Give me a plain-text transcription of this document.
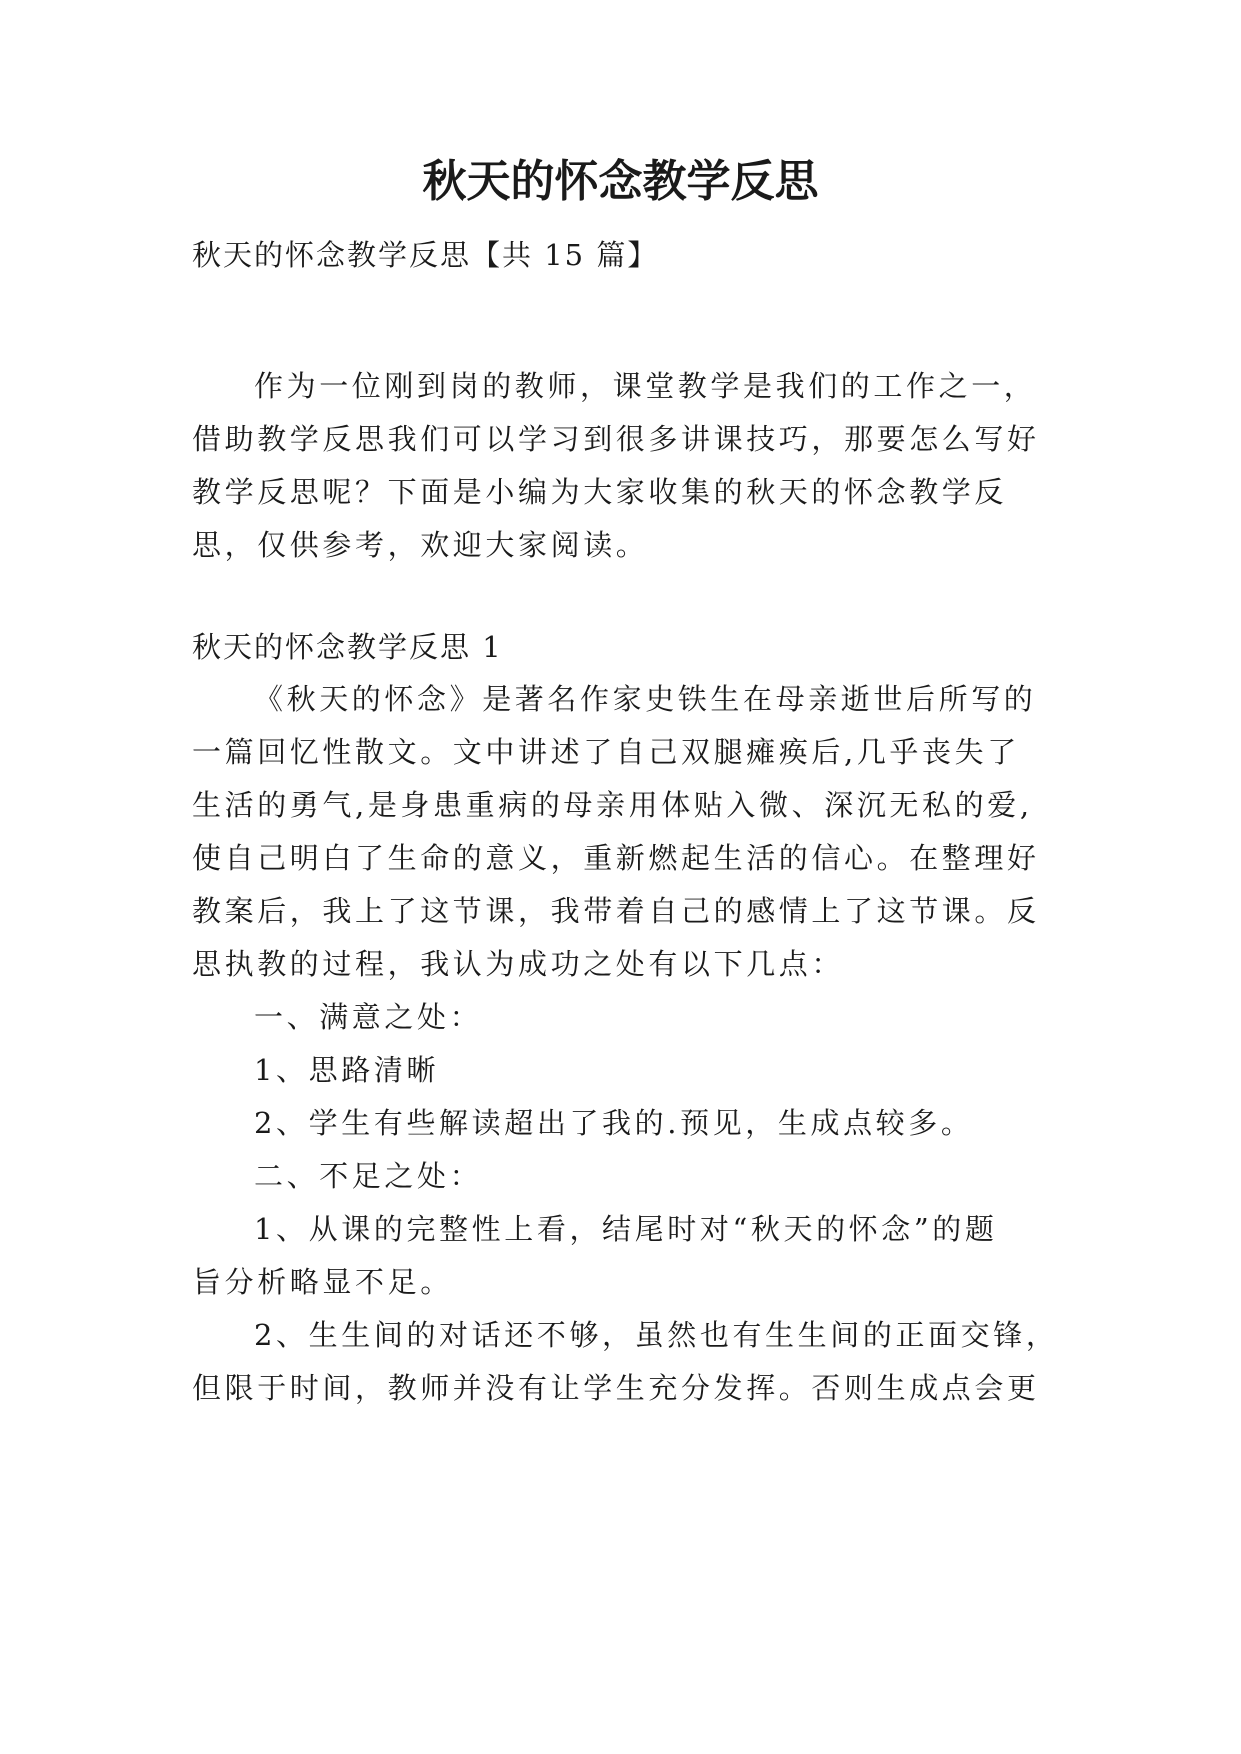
秋天的怀念教学反思

秋天的怀念教学反思【共 15 篇】

作为一位刚到岗的教师，课堂教学是我们的工作之一，

借助教学反思我们可以学习到很多讲课技巧，那要怎么写好

教学反思呢？下面是小编为大家收集的秋天的怀念教学反

思，仅供参考，欢迎大家阅读。

秋天的怀念教学反思 1

《秋天的怀念》是著名作家史铁生在母亲逝世后所写的

一篇回忆性散文。文中讲述了自己双腿瘫痪后,几乎丧失了

生活的勇气,是身患重病的母亲用体贴入微、深沉无私的爱,

使自己明白了生命的意义，重新燃起生活的信心。在整理好

教案后，我上了这节课，我带着自己的感情上了这节课。反

思执教的过程，我认为成功之处有以下几点：

一、满意之处：

1、思路清晰

2、学生有些解读超出了我的.预见，生成点较多。

二、不足之处：

1、从课的完整性上看，结尾时对“秋天的怀念”的题

旨分析略显不足。

2、生生间的对话还不够，虽然也有生生间的正面交锋，

但限于时间，教师并没有让学生充分发挥。否则生成点会更
